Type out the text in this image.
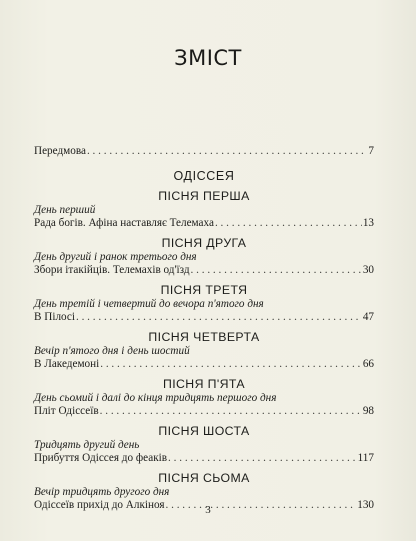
ЗМІСТ
Передмова . . .	7
ОДІССЕЯ
ПІСНЯ ПЕРША
День перший
Рада богів. Афіна наставляє Телемаха . . .	13
ПІСНЯ ДРУГА
День другий і ранок третього дня
Збори ітакійців. Телемахів од'їзд . . .	30
ПІСНЯ ТРЕТЯ
День третій і четвертий до вечора п'ятого дня
В Пілосі . . .	47
ПІСНЯ ЧЕТВЕРТА
Вечір п'ятого дня і день шостий
В Лакедемоні . . .	66
ПІСНЯ П'ЯТА
День сьомий і далі до кінця тридцять першого дня
Пліт Одіссеїв . . .	98
ПІСНЯ ШОСТА
Тридцять другий день
Прибуття Одіссея до феаків . . .	117
ПІСНЯ СЬОМА
Вечір тридцять другого дня
Одіссеїв прихід до Алкіноя . . .	130
3
